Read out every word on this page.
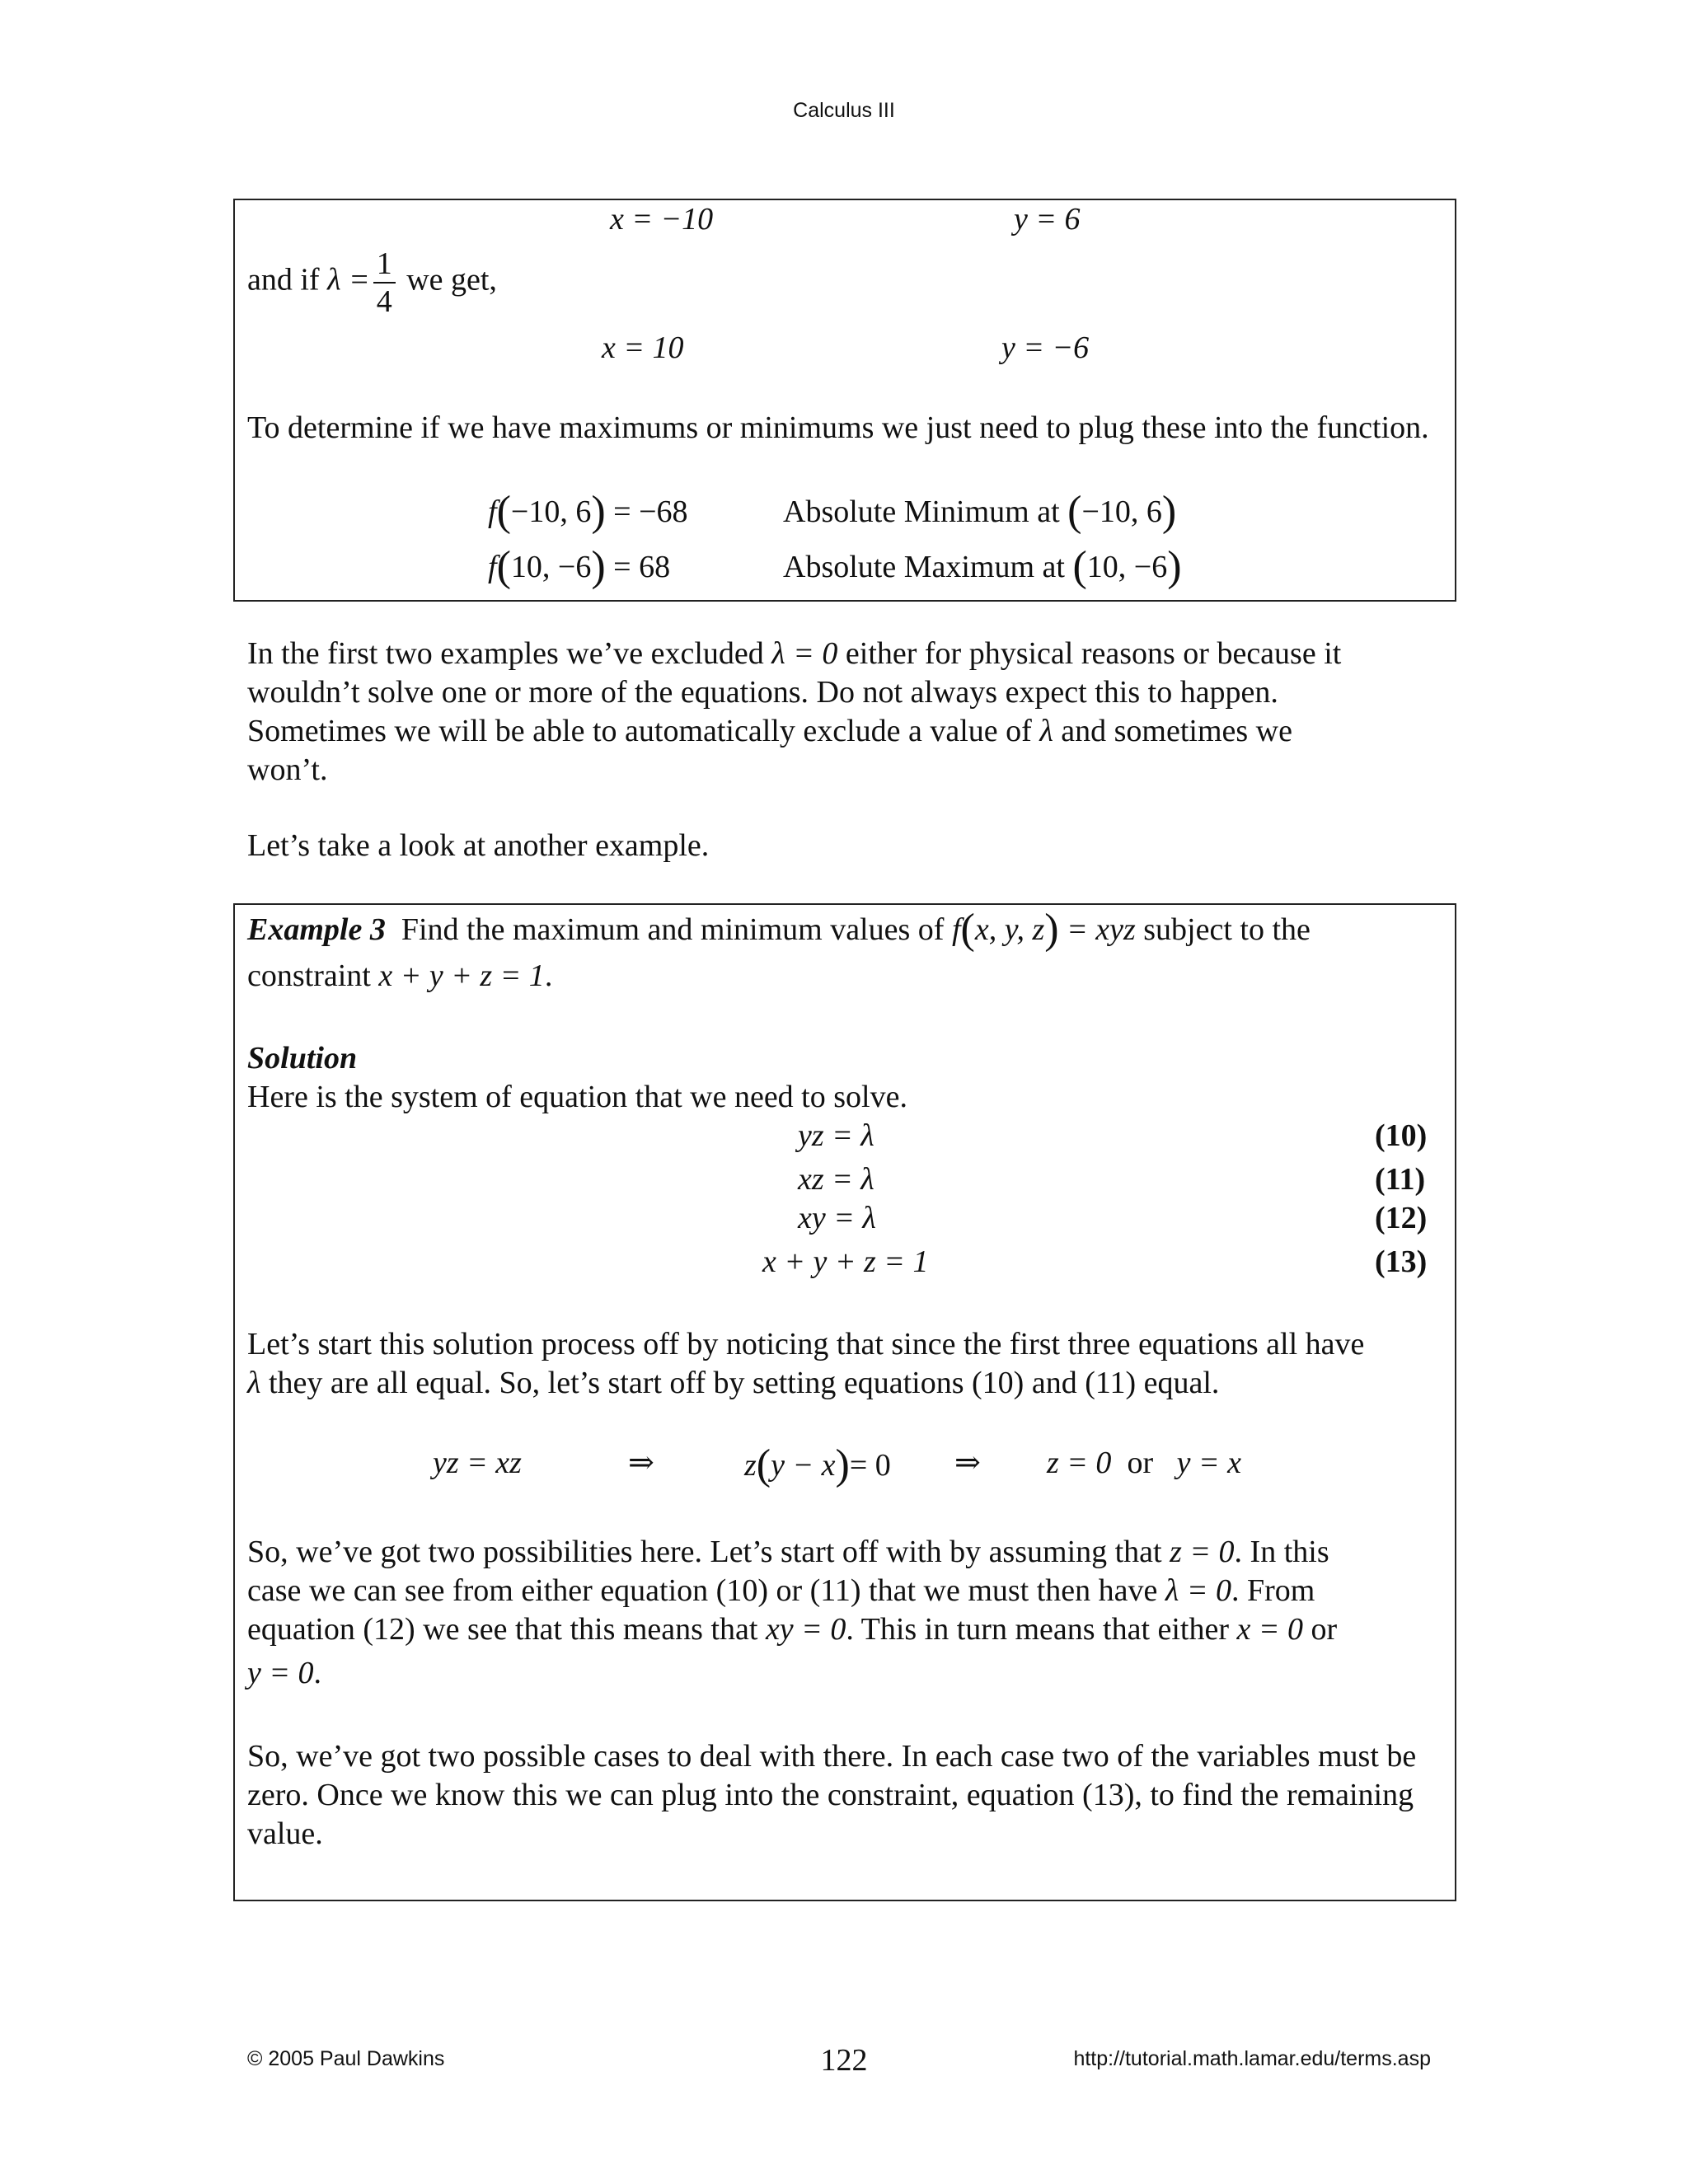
Calculus III
x = −10	y = 6
and if $\lambda = \frac{1}{4}$ we get,
x = 10	y = −6
To determine if we have maximums or minimums we just need to plug these into the function.
f(−10, 6) = −68	Absolute Minimum at (−10, 6)
f(10, −6) = 68	Absolute Maximum at (10, −6)
In the first two examples we’ve excluded λ = 0 either for physical reasons or because it
wouldn’t solve one or more of the equations. Do not always expect this to happen.
Sometimes we will be able to automatically exclude a value of λ and sometimes we
won’t.
Let’s take a look at another example.
Example 3 Find the maximum and minimum values of f(x, y, z) = xyz subject to the
constraint x + y + z = 1.
Solution
Here is the system of equation that we need to solve.
yz = λ	(10)
xz = λ	(11)
xy = λ	(12)
x + y + z = 1	(13)
Let’s start this solution process off by noticing that since the first three equations all have
λ they are all equal. So, let’s start off by setting equations (10) and (11) equal.
yz = xz	⇒	z(y − x)= 0 ⇒ z = 0 or y = x
So, we’ve got two possibilities here. Let’s start off with by assuming that z = 0. In this
case we can see from either equation (10) or (11) that we must then have λ = 0. From
equation (12) we see that this means that xy = 0. This in turn means that either x = 0 or
y = 0.
So, we’ve got two possible cases to deal with there. In each case two of the variables must be zero. Once we know this we can plug into the constraint, equation (13), to find the remaining value.
© 2005 Paul Dawkins	122	http://tutorial.math.lamar.edu/terms.asp
